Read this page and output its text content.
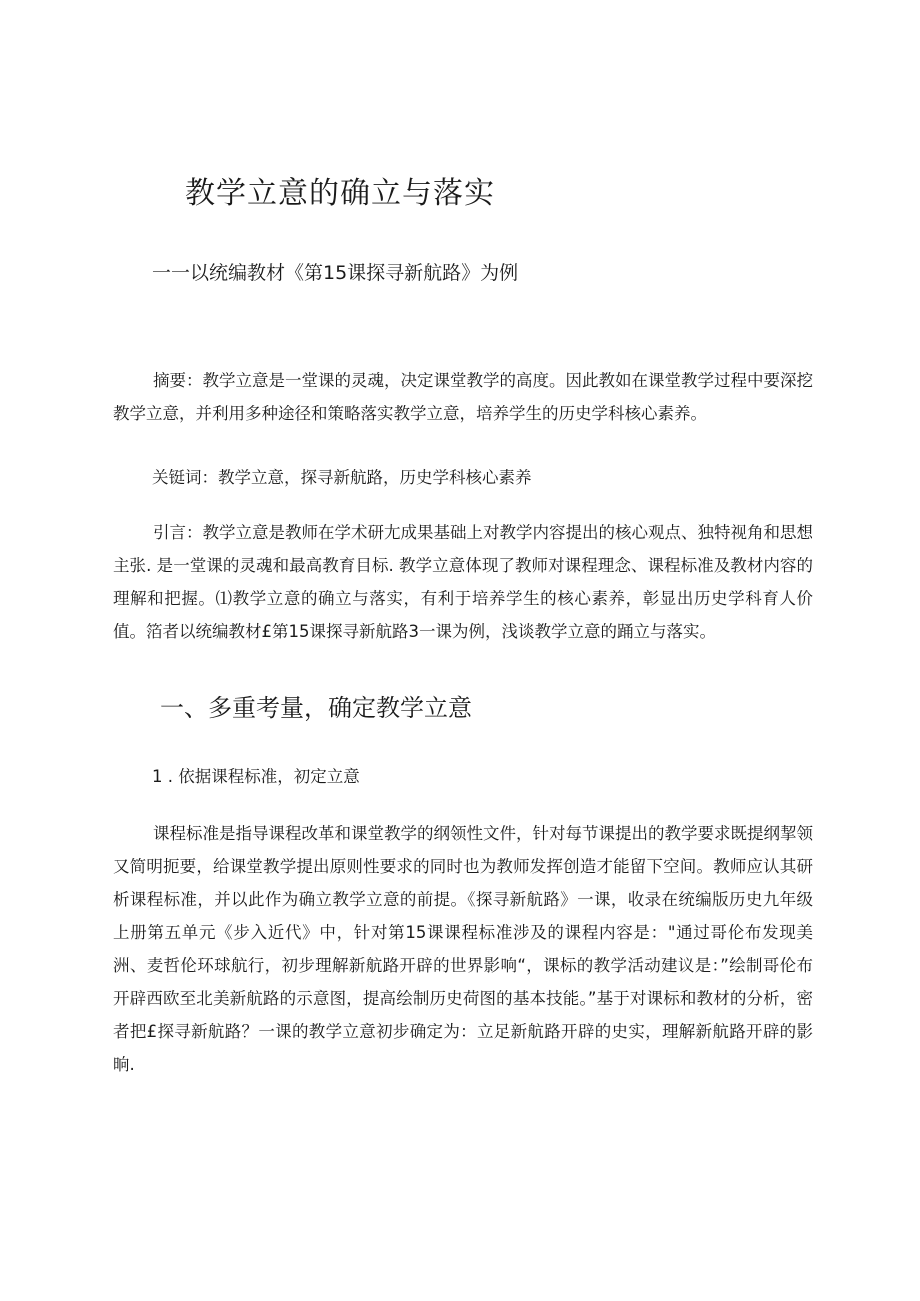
教学立意的确立与落实
一一以统编教材《第15课探寻新航路》为例

摘要：教学立意是一堂课的灵魂，决定课堂教学的高度。因此教如在课堂教学过程中要深挖教学立意，并利用多种途径和策略落实教学立意，培养学生的历史学科核心素养。

关铤词：教学立意，探寻新航路，历史学科核心素养

引言：教学立意是教师在学术研尢成果基础上对教学内容提出的核心观点、独特视角和思想主张. 是一堂课的灵魂和最高教育目标. 教学立意体现了教师对课程理念、课程标准及教材内容的理解和把握。⑴教学立意的确立与落实，有利于培养学生的核心素养，彰显出历史学科育人价值。箔者以统编教材£第15课探寻新航路3一课为例，浅谈教学立意的踊立与落实。

一、多重考量，确定教学立意
1 . 依据课程标准，初定立意

课程标准是指导课程改革和课堂教学的纲领性文件，针对每节课提出的教学要求既提纲挈领又简明扼要，给课堂教学提出原则性要求的同时也为教师发挥创造才能留下空间。教师应认其研析课程标准，并以此作为确立教学立意的前提。《探寻新航路》一课，收录在统编版历史九年级上册第五单元《步入近代》中，针对第15课课程标准涉及的课程内容是："通过哥伦布发现美洲、麦哲伦环球航行，初步理解新航路开辟的世界影响“，课标的教学活动建议是：”绘制哥伦布开辟西欧至北美新航路的示意图，提高绘制历史荷图的基本技能。”基于对课标和教材的分析，密者把£探寻新航路？一课的教学立意初步确定为：立足新航路开辟的史实，理解新航路开辟的影晌.
